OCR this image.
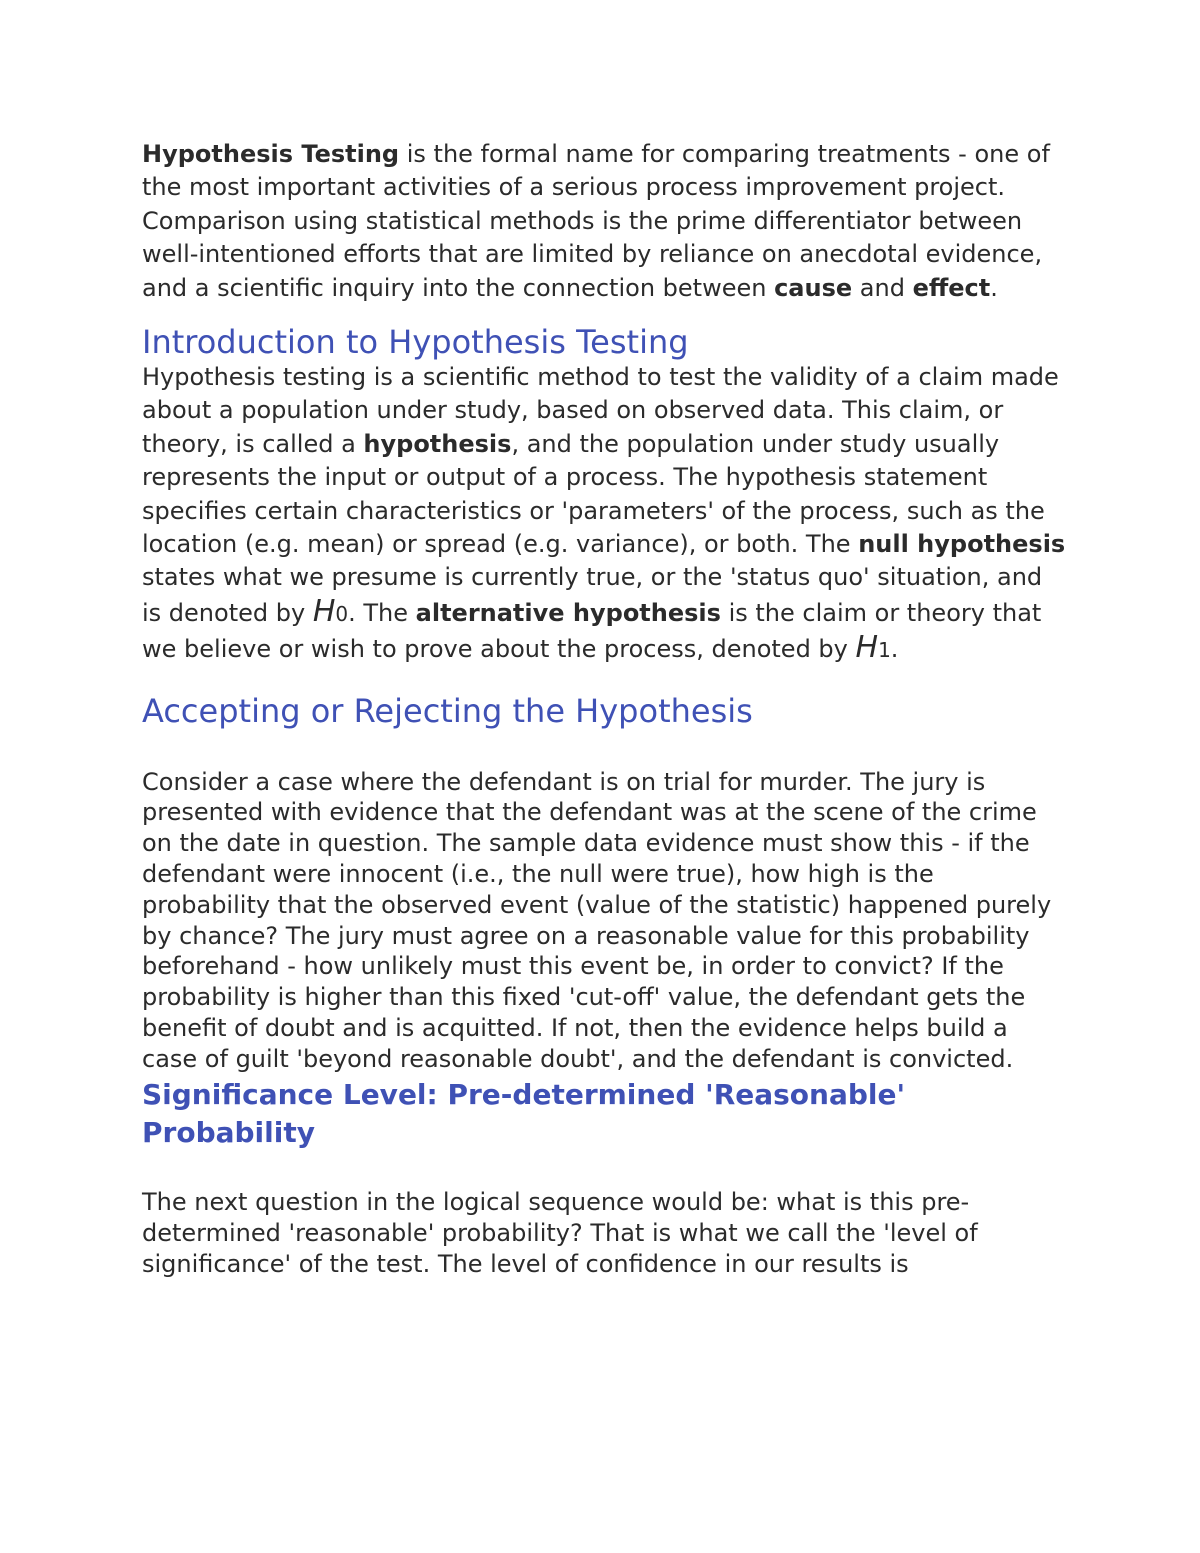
Hypothesis Testing is the formal name for comparing treatments - one of the most important activities of a serious process improvement project. Comparison using statistical methods is the prime differentiator between well-intentioned efforts that are limited by reliance on anecdotal evidence, and a scientific inquiry into the connection between cause and effect.

Introduction to Hypothesis Testing

Hypothesis testing is a scientific method to test the validity of a claim made about a population under study, based on observed data. This claim, or theory, is called a hypothesis, and the population under study usually represents the input or output of a process. The hypothesis statement specifies certain characteristics or 'parameters' of the process, such as the location (e.g. mean) or spread (e.g. variance), or both. The null hypothesis states what we presume is currently true, or the 'status quo' situation, and is denoted by H0. The alternative hypothesis is the claim or theory that we believe or wish to prove about the process, denoted by H1.

Accepting or Rejecting the Hypothesis

Consider a case where the defendant is on trial for murder. The jury is presented with evidence that the defendant was at the scene of the crime on the date in question. The sample data evidence must show this - if the defendant were innocent (i.e., the null were true), how high is the probability that the observed event (value of the statistic) happened purely by chance? The jury must agree on a reasonable value for this probability beforehand - how unlikely must this event be, in order to convict? If the probability is higher than this fixed 'cut-off' value, the defendant gets the benefit of doubt and is acquitted. If not, then the evidence helps build a case of guilt 'beyond reasonable doubt', and the defendant is convicted.

Significance Level: Pre-determined 'Reasonable' Probability

The next question in the logical sequence would be: what is this pre-determined 'reasonable' probability? That is what we call the 'level of significance' of the test. The level of confidence in our results is
